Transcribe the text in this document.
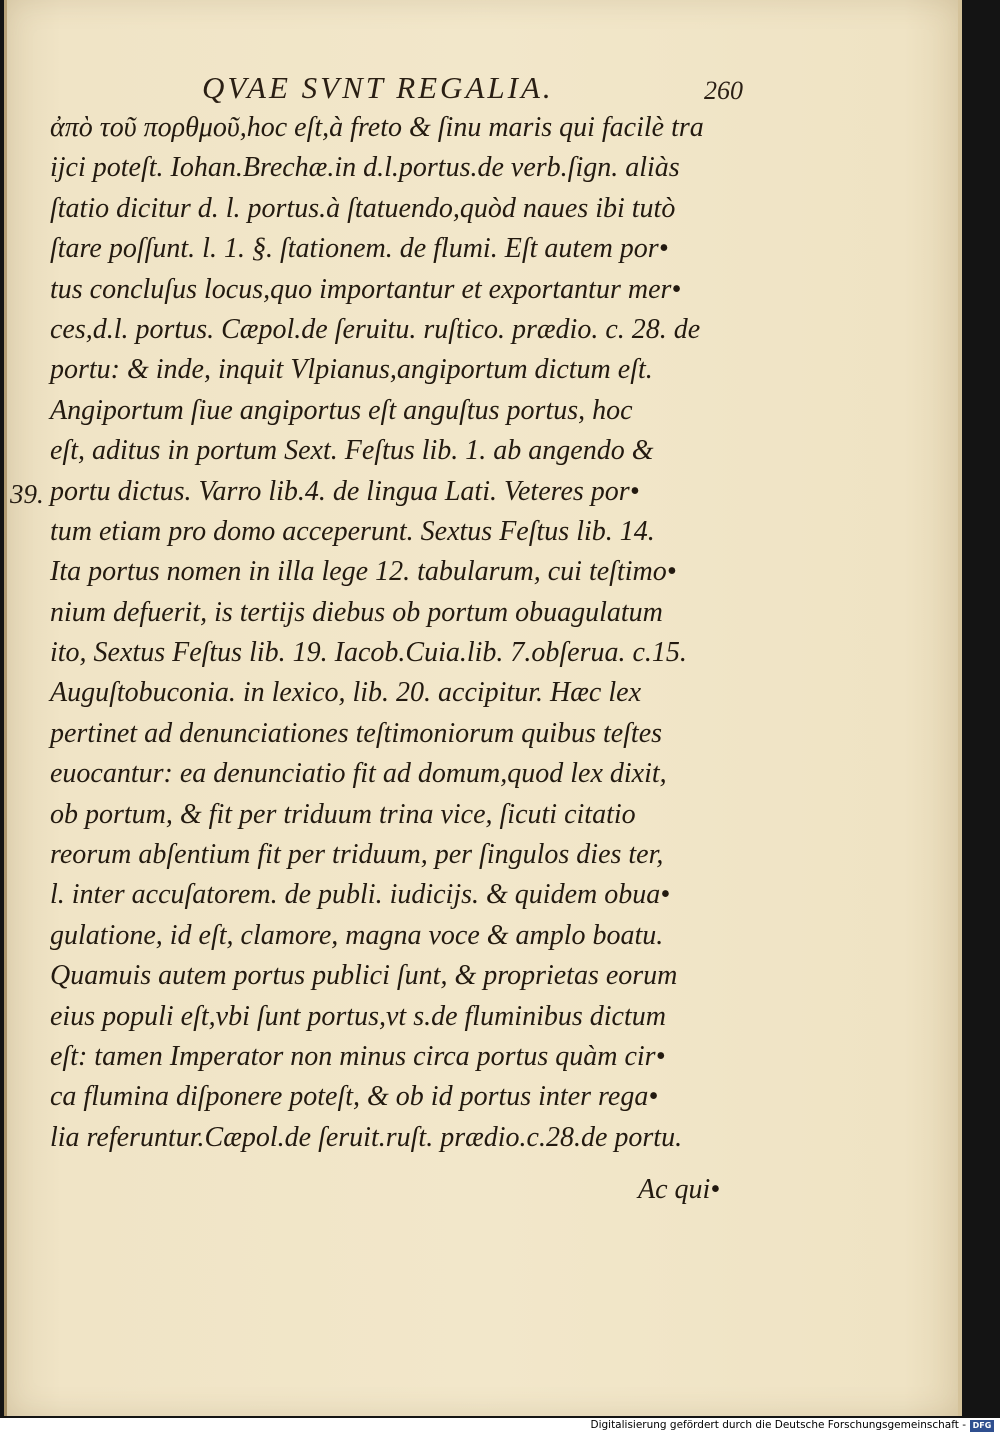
QVAE SVNT REGALIA.	260
39.
ἀπὸ τοῦ πορθμοῦ,hoc eſt,à freto & ſinu maris qui facilè tra
ijci poteſt. Iohan.Brechæ.in d.l.portus.de verb.ſign. aliàs
ſtatio dicitur d. l. portus.à ſtatuendo,quòd naues ibi tutò
ſtare poſſunt. l. 1. §. ſtationem. de flumi. Eſt autem por•
tus concluſus locus,quo importantur et exportantur mer•
ces,d.l. portus. Cæpol.de ſeruitu. ruſtico. prædio. c. 28. de
portu: & inde, inquit Vlpianus,angiportum dictum eſt.
Angiportum ſiue angiportus eſt anguſtus portus, hoc
eſt, aditus in portum Sext. Feſtus lib. 1. ab angendo &
portu dictus. Varro lib.4. de lingua Lati. Veteres por•
tum etiam pro domo acceperunt. Sextus Feſtus lib. 14.
Ita portus nomen in illa lege 12. tabularum, cui teſtimo•
nium defuerit, is tertijs diebus ob portum obuagulatum
ito, Sextus Feſtus lib. 19. Iacob.Cuia.lib. 7.obſerua. c.15.
Auguſtobuconia. in lexico, lib. 20. accipitur. Hæc lex
pertinet ad denunciationes teſtimoniorum quibus teſtes
euocantur: ea denunciatio fit ad domum,quod lex dixit,
ob portum, & fit per triduum trina vice, ſicuti citatio
reorum abſentium fit per triduum, per ſingulos dies ter,
l. inter accuſatorem. de publi. iudicijs. & quidem obua•
gulatione, id eſt, clamore, magna voce & amplo boatu.
Quamuis autem portus publici ſunt, & proprietas eorum
eius populi eſt,vbi ſunt portus,vt s.de fluminibus dictum
eſt: tamen Imperator non minus circa portus quàm cir•
ca flumina diſponere poteſt, & ob id portus inter rega•
lia referuntur.Cæpol.de ſeruit.ruſt. prædio.c.28.de portu.
Ac qui•
Digitalisierung gefördert durch die Deutsche Forschungsgemeinschaft - DFG
